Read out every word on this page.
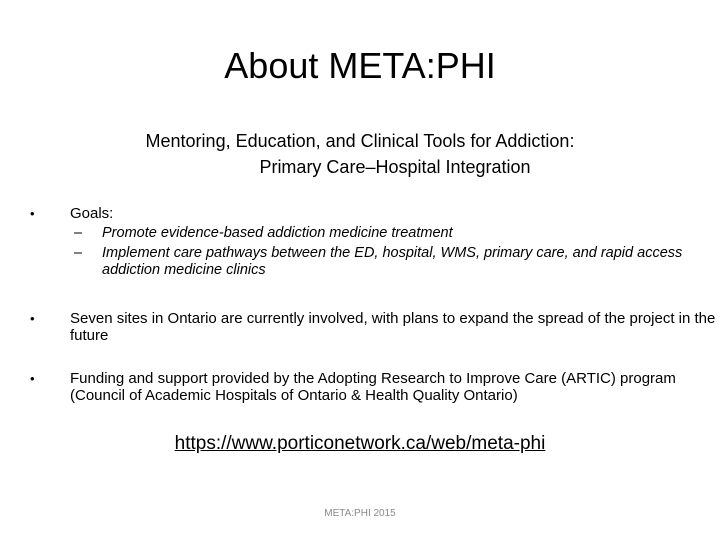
About META:PHI
Mentoring, Education, and Clinical Tools for Addiction:
Primary Care–Hospital Integration
• Goals:
– Promote evidence-based addiction medicine treatment
– Implement care pathways between the ED, hospital, WMS, primary care, and rapid access addiction medicine clinics
• Seven sites in Ontario are currently involved, with plans to expand the spread of the project in the future
• Funding and support provided by the Adopting Research to Improve Care (ARTIC) program (Council of Academic Hospitals of Ontario & Health Quality Ontario)
https://www.porticonetwork.ca/web/meta-phi
META:PHI 2015
